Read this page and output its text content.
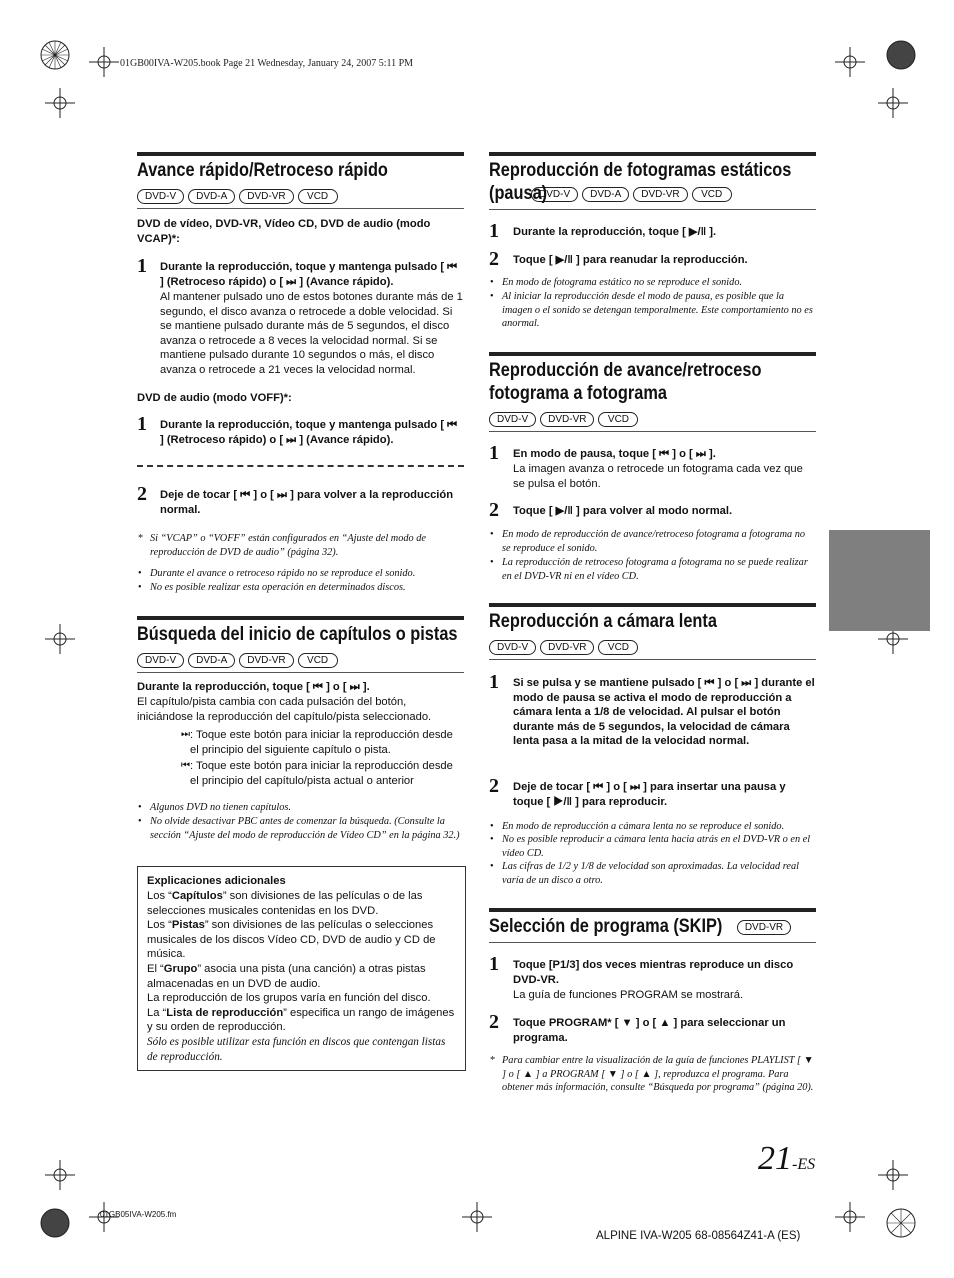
01GB00IVA-W205.book Page 21 Wednesday, January 24, 2007 5:11 PM
Avance rápido/Retroceso rápido
DVD-V DVD-A DVD-VR VCD
DVD de vídeo, DVD-VR, Vídeo CD, DVD de audio (modo VCAP)*:
1 Durante la reproducción, toque y mantenga pulsado [ ⏮ ] (Retroceso rápido) o [ ⏭ ] (Avance rápido).
Al mantener pulsado uno de estos botones durante más de 1 segundo, el disco avanza o retrocede a doble velocidad. Si se mantiene pulsado durante más de 5 segundos, el disco avanza o retrocede a 8 veces la velocidad normal. Si se mantiene pulsado durante 10 segundos o más, el disco avanza o retrocede a 21 veces la velocidad normal.
DVD de audio (modo VOFF)*:
1 Durante la reproducción, toque y mantenga pulsado [ ⏮ ] (Retroceso rápido) o [ ⏭ ] (Avance rápido).
2 Deje de tocar [ ⏮ ] o [ ⏭ ] para volver a la reproducción normal.
* Si “VCAP” o “VOFF” están configurados en “Ajuste del modo de reproducción de DVD de audio” (página 32).
• Durante el avance o retroceso rápido no se reproduce el sonido.
• No es posible realizar esta operación en determinados discos.
Búsqueda del inicio de capítulos o pistas
DVD-V DVD-A DVD-VR VCD
Durante la reproducción, toque [ ⏮ ] o [ ⏭ ].
El capítulo/pista cambia con cada pulsación del botón, iniciándose la reproducción del capítulo/pista seleccionado.
⏭ : Toque este botón para iniciar la reproducción desde el principio del siguiente capítulo o pista.
⏮ : Toque este botón para iniciar la reproducción desde el principio del capítulo/pista actual o anterior
• Algunos DVD no tienen capítulos.
• No olvide desactivar PBC antes de comenzar la búsqueda. (Consulte la sección “Ajuste del modo de reproducción de Vídeo CD” en la página 32.)
Explicaciones adicionales
Los “Capítulos” son divisiones de las películas o de las selecciones musicales contenidas en los DVD.
Los “Pistas” son divisiones de las películas o selecciones musicales de los discos Vídeo CD, DVD de audio y CD de música.
El “Grupo” asocia una pista (una canción) a otras pistas almacenadas en un DVD de audio.
La reproducción de los grupos varía en función del disco.
La “Lista de reproducción” especifica un rango de imágenes y su orden de reproducción.
Sólo es posible utilizar esta función en discos que contengan listas de reproducción.
Reproducción de fotogramas estáticos
(pausa) DVD-V DVD-A DVD-VR VCD
1 Durante la reproducción, toque [ ▶/ǁ ].
2 Toque [ ▶/ǁ ] para reanudar la reproducción.
• En modo de fotograma estático no se reproduce el sonido.
• Al iniciar la reproducción desde el modo de pausa, es posible que la imagen o el sonido se detengan temporalmente. Este comportamiento no es anormal.
Reproducción de avance/retroceso
fotograma a fotograma
DVD-V DVD-VR VCD
1 En modo de pausa, toque [ ⏮ ] o [ ⏭ ].
La imagen avanza o retrocede un fotograma cada vez que se pulsa el botón.
2 Toque [ ▶/ǁ ] para volver al modo normal.
• En modo de reproducción de avance/retroceso fotograma a fotograma no se reproduce el sonido.
• La reproducción de retroceso fotograma a fotograma no se puede realizar en el DVD-VR ni en el vídeo CD.
Reproducción a cámara lenta
DVD-V DVD-VR VCD
1 Si se pulsa y se mantiene pulsado [ ⏮ ] o [ ⏭ ] durante el modo de pausa se activa el modo de reproducción a cámara lenta a 1/8 de velocidad. Al pulsar el botón durante más de 5 segundos, la velocidad de cámara lenta pasa a la mitad de la velocidad normal.
2 Deje de tocar [ ⏮ ] o [ ⏭ ] para insertar una pausa y toque [ ▶/ǁ ] para reproducir.
• En modo de reproducción a cámara lenta no se reproduce el sonido.
• No es posible reproducir a cámara lenta hacia atrás en el DVD-VR o en el vídeo CD.
• Las cifras de 1/2 y 1/8 de velocidad son aproximadas. La velocidad real varía de un disco a otro.
Selección de programa (SKIP) DVD-VR
1 Toque [P1/3] dos veces mientras reproduce un disco DVD-VR.
La guía de funciones PROGRAM se mostrará.
2 Toque PROGRAM* [ ▼ ] o [ ▲ ] para seleccionar un programa.
* Para cambiar entre la visualización de la guía de funciones PLAYLIST [ ▼ ] o [ ▲ ] a PROGRAM [ ▼ ] o [ ▲ ], reproduzca el programa. Para obtener más información, consulte “Búsqueda por programa” (página 20).
21-ES
01GB05IVA-W205.fm
ALPINE IVA-W205 68-08564Z41-A (ES)
